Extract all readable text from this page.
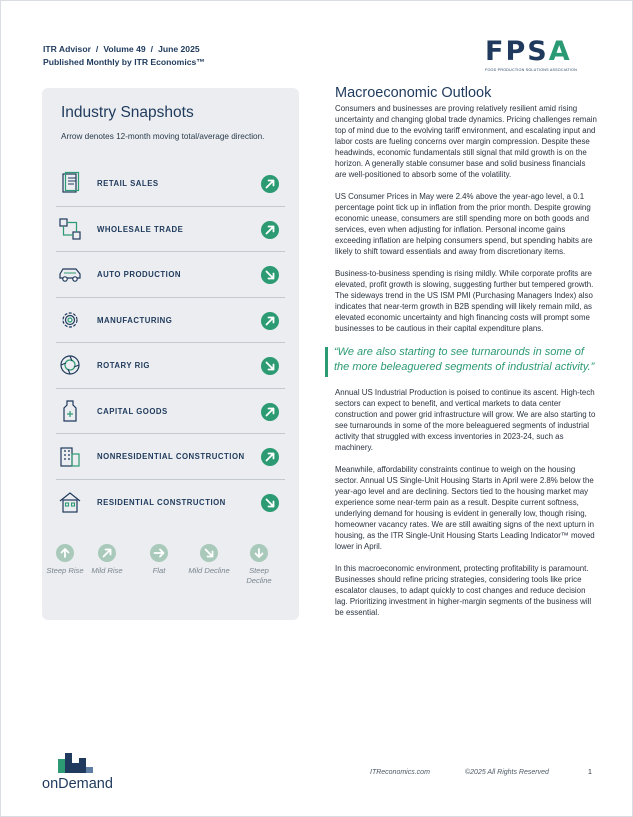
ITR Advisor / Volume 49 / June 2025
Published Monthly by ITR Economics™	FPSA
FOOD PRODUCTION SOLUTIONS ASSOCIATION
Industry Snapshots
Arrow denotes 12-month moving total/average direction.
RETAIL SALES
WHOLESALE TRADE
AUTO PRODUCTION
MANUFACTURING
ROTARY RIG
CAPITAL GOODS
NONRESIDENTIAL CONSTRUCTION
RESIDENTIAL CONSTRUCTION
Steep Rise	Mild Rise	Flat	Mild Decline	Steep Decline
Macroeconomic Outlook

Consumers and businesses are proving relatively resilient amid rising uncertainty and changing global trade dynamics. Pricing challenges remain top of mind due to the evolving tariff environment, and escalating input and labor costs are fueling concerns over margin compression. Despite these headwinds, economic fundamentals still signal that mild growth is on the horizon. A generally stable consumer base and solid business financials are well-positioned to absorb some of the volatility.

US Consumer Prices in May were 2.4% above the year-ago level, a 0.1 percentage point tick up in inflation from the prior month. Despite growing economic unease, consumers are still spending more on both goods and services, even when adjusting for inflation. Personal income gains exceeding inflation are helping consumers spend, but spending habits are likely to shift toward essentials and away from discretionary items.

Business-to-business spending is rising mildly. While corporate profits are elevated, profit growth is slowing, suggesting further but tempered growth. The sideways trend in the US ISM PMI (Purchasing Managers Index) also indicates that near-term growth in B2B spending will likely remain mild, as elevated economic uncertainty and high financing costs will prompt some businesses to be cautious in their capital expenditure plans.

“We are also starting to see turnarounds in some of the more beleaguered segments of industrial activity.”

Annual US Industrial Production is poised to continue its ascent. High-tech sectors can expect to benefit, and vertical markets to data center construction and power grid infrastructure will grow. We are also starting to see turnarounds in some of the more beleaguered segments of industrial activity that struggled with excess inventories in 2023-24, such as machinery.

Meanwhile, affordability constraints continue to weigh on the housing sector. Annual US Single-Unit Housing Starts in April were 2.8% below the year-ago level and are declining. Sectors tied to the housing market may experience some near-term pain as a result. Despite current softness, underlying demand for housing is evident in generally low, though rising, homeowner vacancy rates. We are still awaiting signs of the next upturn in housing, as the ITR Single-Unit Housing Starts Leading Indicator™ moved lower in April.

In this macroeconomic environment, protecting profitability is paramount. Businesses should refine pricing strategies, considering tools like price escalator clauses, to adapt quickly to cost changes and reduce decision lag. Prioritizing investment in higher-margin segments of the business will be essential.

onDemand
ITReconomics.com	©2025 All Rights Reserved	1
